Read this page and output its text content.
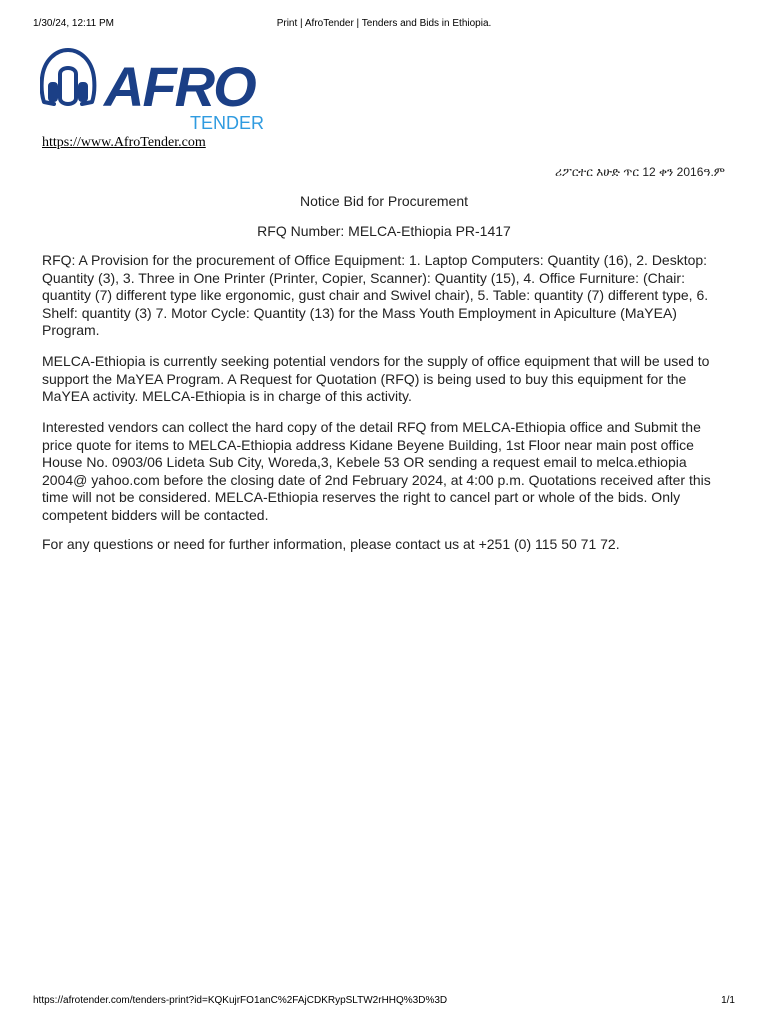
1/30/24, 12:11 PM	Print | AfroTender | Tenders and Bids in Ethiopia.
AFRO
TENDER
https://www.AfroTender.com
ሪፖርተር እሁድ ጥር 12 ቀን 2016ዓ.ም
Notice Bid for Procurement
RFQ Number: MELCA-Ethiopia PR-1417

RFQ: A Provision for the procurement of Office Equipment: 1. Laptop Computers: Quantity (16), 2. Desktop: Quantity (3), 3. Three in One Printer (Printer, Copier, Scanner): Quantity (15), 4. Office Furniture: (Chair: quantity (7) different type like ergonomic, gust chair and Swivel chair), 5. Table: quantity (7) different type, 6. Shelf: quantity (3) 7. Motor Cycle: Quantity (13) for the Mass Youth Employment in Apiculture (MaYEA) Program.

MELCA-Ethiopia is currently seeking potential vendors for the supply of office equipment that will be used to support the MaYEA Program. A Request for Quotation (RFQ) is being used to buy this equipment for the MaYEA activity. MELCA-Ethiopia is in charge of this activity.

Interested vendors can collect the hard copy of the detail RFQ from MELCA-Ethiopia office and Submit the price quote for items to MELCA-Ethiopia address Kidane Beyene Building, 1st Floor near main post office House No. 0903/06 Lideta Sub City, Woreda,3, Kebele 53 OR sending a request email to melca.ethiopia 2004@ yahoo.com before the closing date of 2nd February 2024, at 4:00 p.m. Quotations received after this time will not be considered. MELCA-Ethiopia reserves the right to cancel part or whole of the bids. Only competent bidders will be contacted.

For any questions or need for further information, please contact us at +251 (0) 115 50 71 72.

https://afrotender.com/tenders-print?id=KQKujrFO1anC%2FAjCDKRypSLTW2rHHQ%3D%3D	1/1
